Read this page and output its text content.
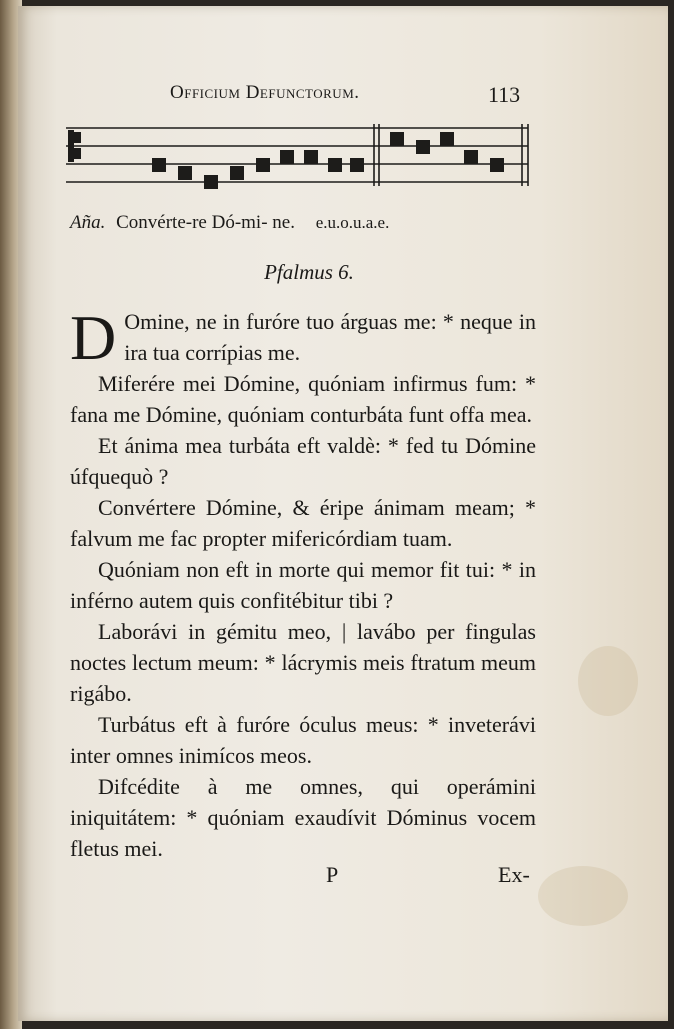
Officium Defunctorum.	113
Aña. Convérte-re Dó-mi- ne. e.u.o.u.a.e.
Pfalmus 6.

D Omine, ne in furóre tuo árguas me: * neque in ira tua corrípias me.

Miferére mei Dómine, quóniam infirmus fum: * fana me Dómine, quóniam conturbáta funt offa mea.

Et ánima mea turbáta eft valdè: * fed tu Dómine úfquequò ?

Convértere Dómine, & éripe ánimam meam; * falvum me fac propter mifericórdiam tuam.

Quóniam non eft in morte qui memor fit tui: * in inférno autem quis confitébitur tibi ?

Laborávi in gémitu meo, | lavábo per fingulas noctes lectum meum: * lácrymis meis ftratum meum rigábo.

Turbátus eft à furóre óculus meus: * inveterávi inter omnes inimícos meos.

Difcédite à me omnes, qui operámini iniquitátem: * quóniam exaudívit Dóminus vocem fletus mei.

P	Ex-
